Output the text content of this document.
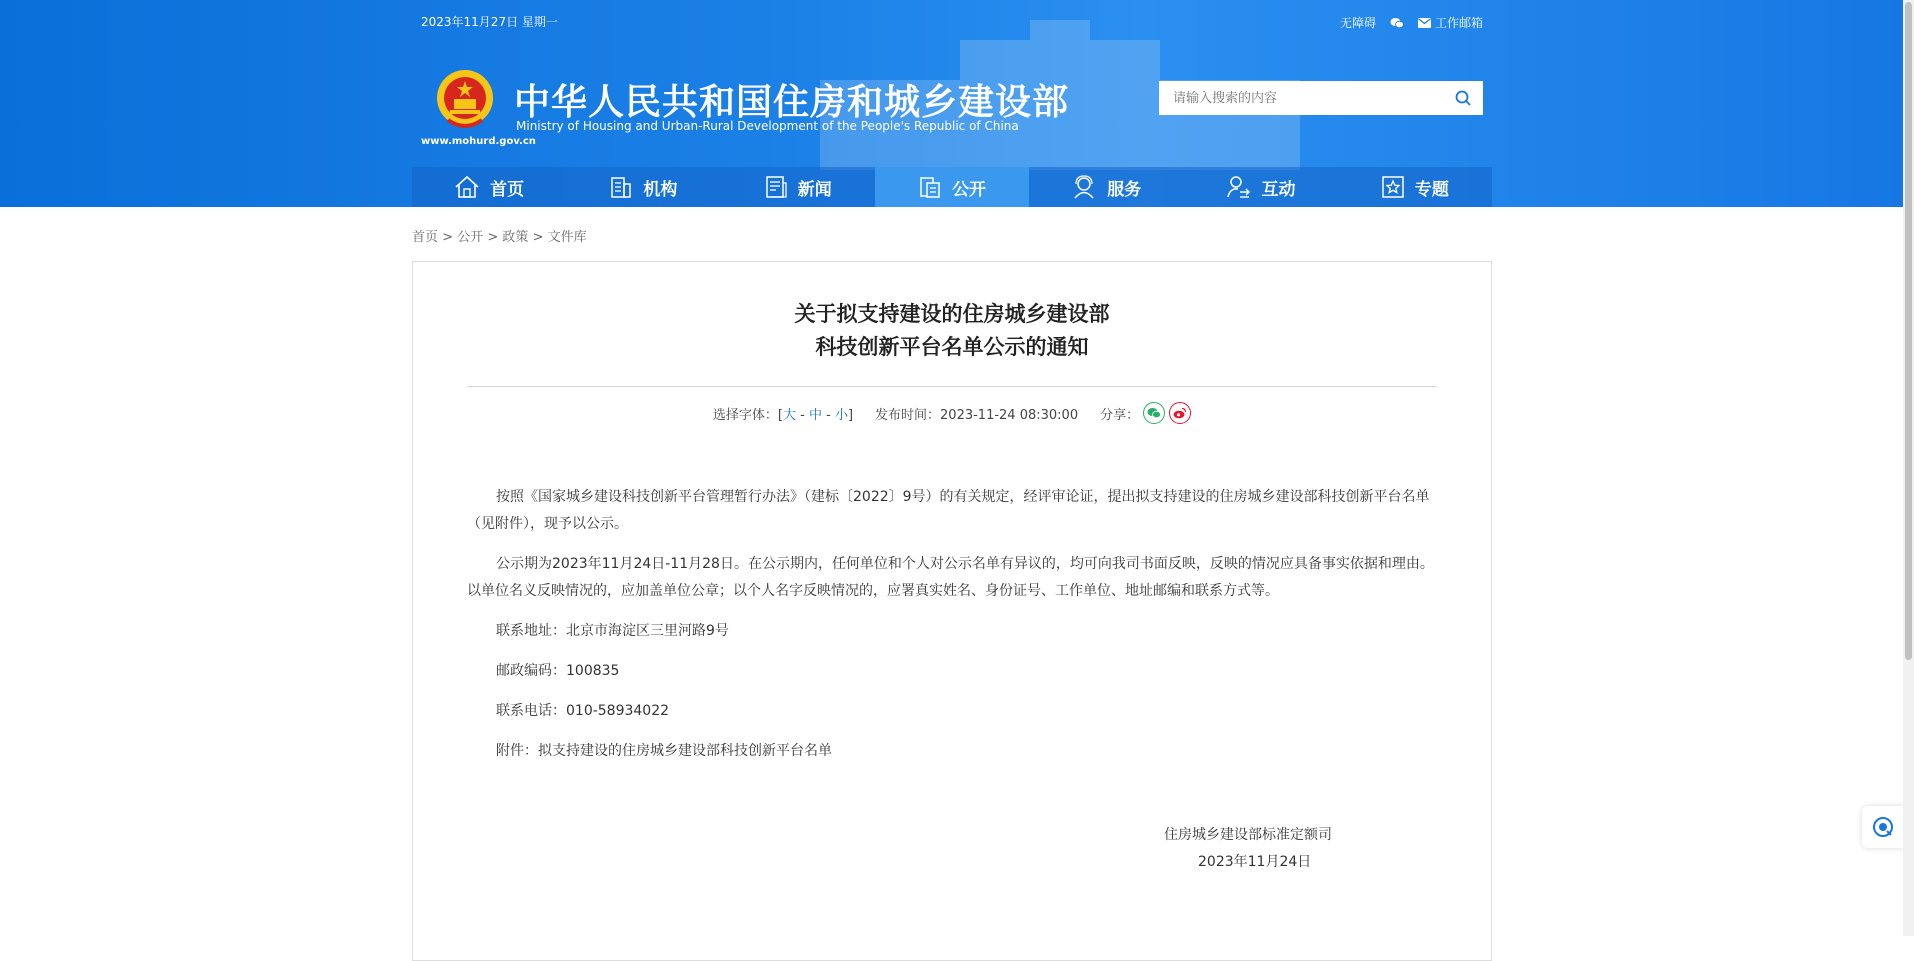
2023年11月27日 星期一	无障碍	工作邮箱
www.mohurd.gov.cn
中华人民共和国住房和城乡建设部
Ministry of Housing and Urban-Rural Development of the People's Republic of China
请输入搜索的内容
首页	机构	新闻	公开	服务	互动	专题
首页 > 公开 > 政策 > 文件库
关于拟支持建设的住房城乡建设部
科技创新平台名单公示的通知
选择字体：[大 - 中 - 小] 发布时间：2023-11-24 08:30:00 分享：

按照《国家城乡建设科技创新平台管理暂行办法》（建标〔2022〕9号）的有关规定，经评审论证，提出拟支持建设的住房城乡建设部科技创新平台名单（见附件），现予以公示。

公示期为2023年11月24日-11月28日。在公示期内，任何单位和个人对公示名单有异议的，均可向我司书面反映，反映的情况应具备事实依据和理由。以单位名义反映情况的，应加盖单位公章；以个人名字反映情况的，应署真实姓名、身份证号、工作单位、地址邮编和联系方式等。

联系地址：北京市海淀区三里河路9号

邮政编码：100835

联系电话：010-58934022

附件：拟支持建设的住房城乡建设部科技创新平台名单

住房城乡建设部标准定额司
2023年11月24日
